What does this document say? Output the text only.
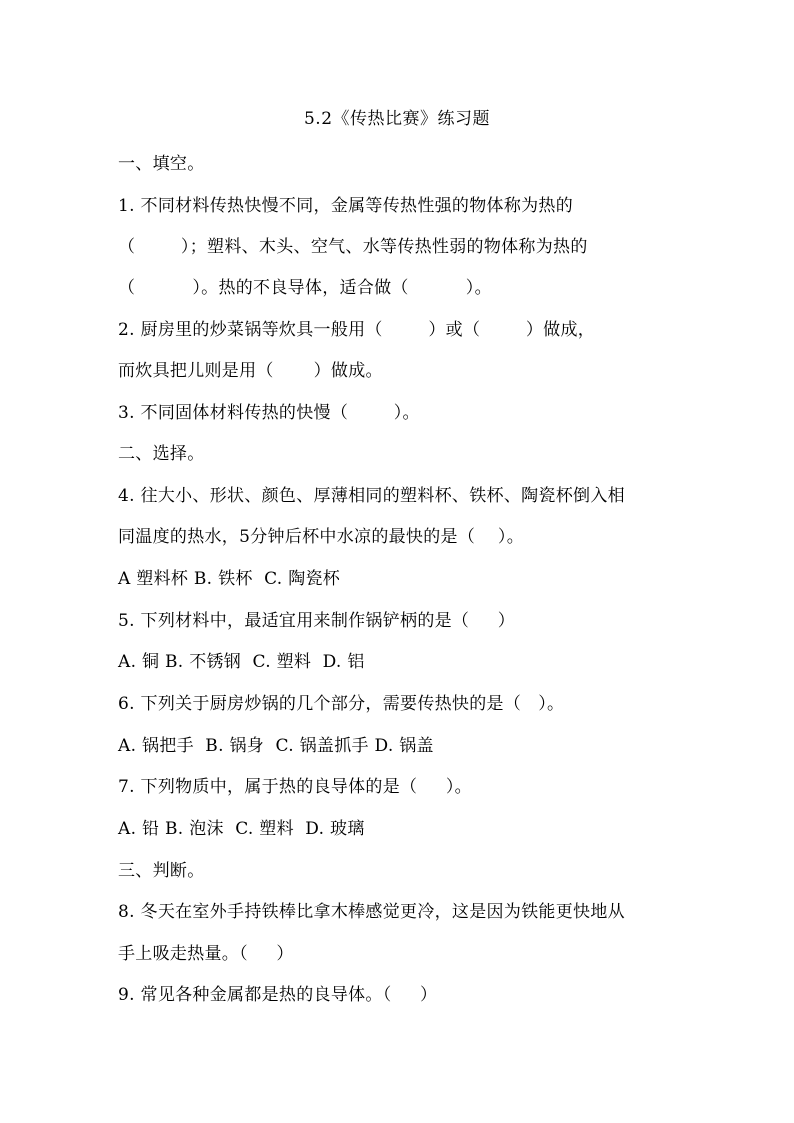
5.2《传热比赛》练习题
一、填空。
1. 不同材料传热快慢不同，金属等传热性强的物体称为热的
（        ）；塑料、木头、空气、水等传热性弱的物体称为热的
（          ）。热的不良导体，适合做（          ）。
2. 厨房里的炒菜锅等炊具一般用（        ）或（        ）做成，
而炊具把儿则是用（       ）做成。
3. 不同固体材料传热的快慢（        ）。
二、选择。
4. 往大小、形状、颜色、厚薄相同的塑料杯、铁杯、陶瓷杯倒入相
同温度的热水，5分钟后杯中水凉的最快的是（    ）。
A 塑料杯 B. 铁杯  C. 陶瓷杯
5. 下列材料中，最适宜用来制作锅铲柄的是（     ）
A. 铜 B. 不锈钢  C. 塑料  D. 铝
6. 下列关于厨房炒锅的几个部分，需要传热快的是（   ）。
A. 锅把手  B. 锅身  C. 锅盖抓手 D. 锅盖
7. 下列物质中，属于热的良导体的是（     ）。
A. 铅 B. 泡沫  C. 塑料  D. 玻璃
三、判断。
8. 冬天在室外手持铁棒比拿木棒感觉更冷，这是因为铁能更快地从
手上吸走热量。（     ）
9. 常见各种金属都是热的良导体。（     ）
